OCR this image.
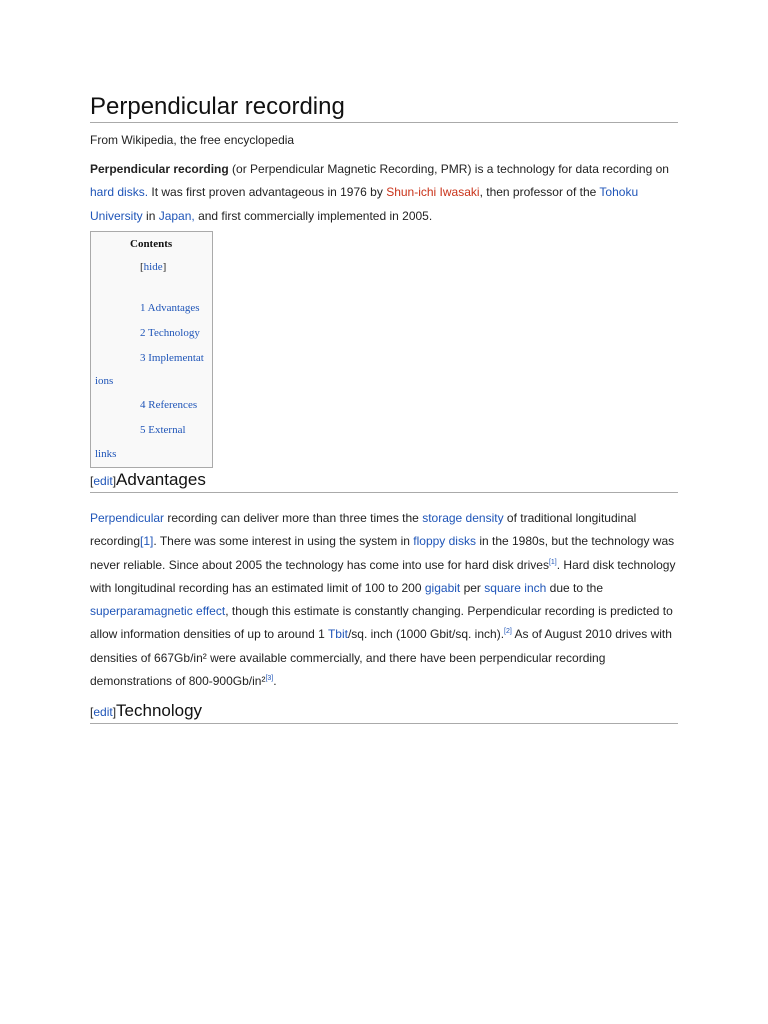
Perpendicular recording
From Wikipedia, the free encyclopedia
Perpendicular recording (or Perpendicular Magnetic Recording, PMR) is a technology for data recording on hard disks. It was first proven advantageous in 1976 by Shun-ichi Iwasaki, then professor of the Tohoku University in Japan, and first commercially implemented in 2005.
Contents
[hide]
1 Advantages
2 Technology
3 Implementat
ions
4 References
5 External
links
[edit]Advantages
Perpendicular recording can deliver more than three times the storage density of traditional longitudinal recording[1]. There was some interest in using the system in floppy disks in the 1980s, but the technology was never reliable. Since about 2005 the technology has come into use for hard disk drives[1]. Hard disk technology with longitudinal recording has an estimated limit of 100 to 200 gigabit per square inch due to the superparamagnetic effect, though this estimate is constantly changing. Perpendicular recording is predicted to allow information densities of up to around 1 Tbit/sq. inch (1000 Gbit/sq. inch).[2] As of August 2010 drives with densities of 667Gb/in² were available commercially, and there have been perpendicular recording demonstrations of 800-900Gb/in²[3].
[edit]Technology
